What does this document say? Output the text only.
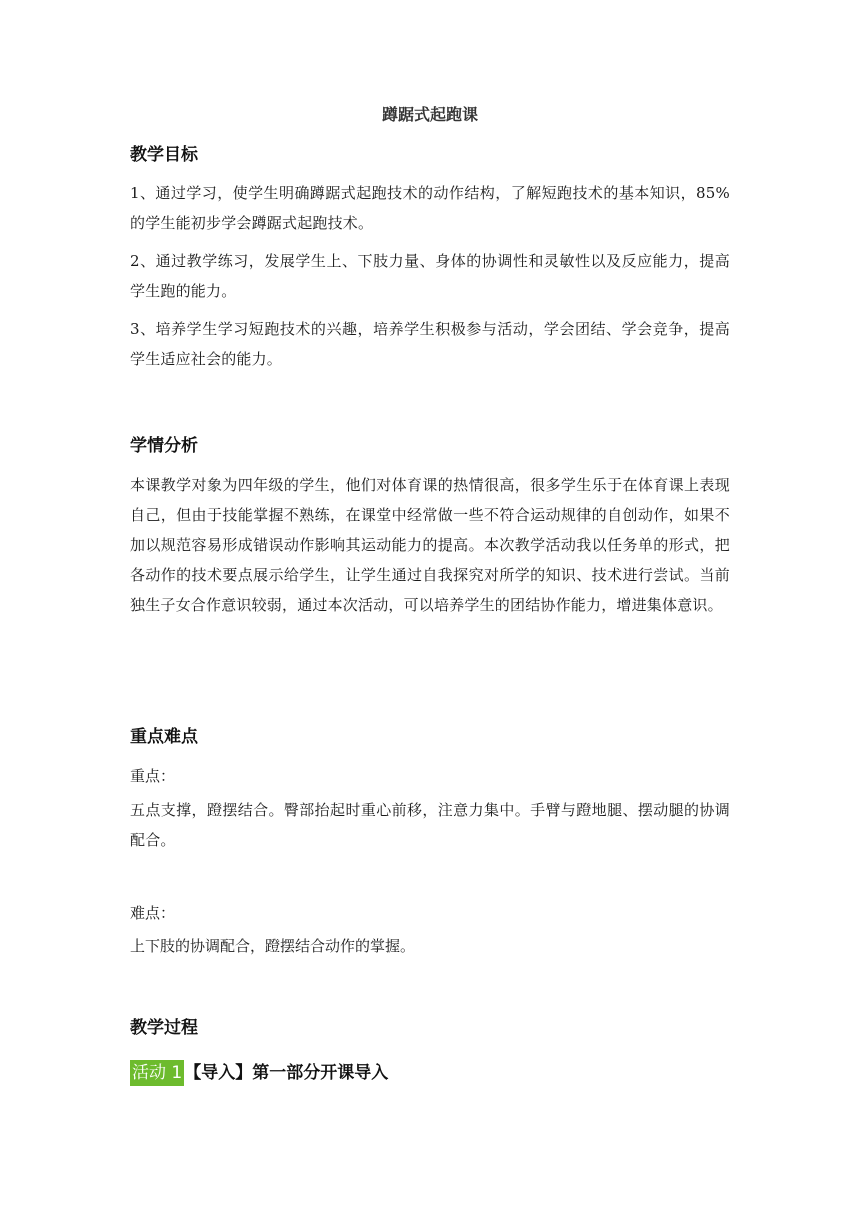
蹲踞式起跑课
教学目标

1、通过学习，使学生明确蹲踞式起跑技术的动作结构，了解短跑技术的基本知识，85%的学生能初步学会蹲踞式起跑技术。

2、通过教学练习，发展学生上、下肢力量、身体的协调性和灵敏性以及反应能力，提高学生跑的能力。

3、培养学生学习短跑技术的兴趣，培养学生积极参与活动，学会团结、学会竞争，提高学生适应社会的能力。

学情分析

本课教学对象为四年级的学生，他们对体育课的热情很高，很多学生乐于在体育课上表现自己，但由于技能掌握不熟练，在课堂中经常做一些不符合运动规律的自创动作，如果不加以规范容易形成错误动作影响其运动能力的提高。本次教学活动我以任务单的形式，把各动作的技术要点展示给学生，让学生通过自我探究对所学的知识、技术进行尝试。当前独生子女合作意识较弱，通过本次活动，可以培养学生的团结协作能力，增进集体意识。

重点难点
重点：

五点支撑，蹬摆结合。臀部抬起时重心前移，注意力集中。手臂与蹬地腿、摆动腿的协调配合。

难点：
上下肢的协调配合，蹬摆结合动作的掌握。
教学过程
活动 1 【导入】第一部分开课导入
